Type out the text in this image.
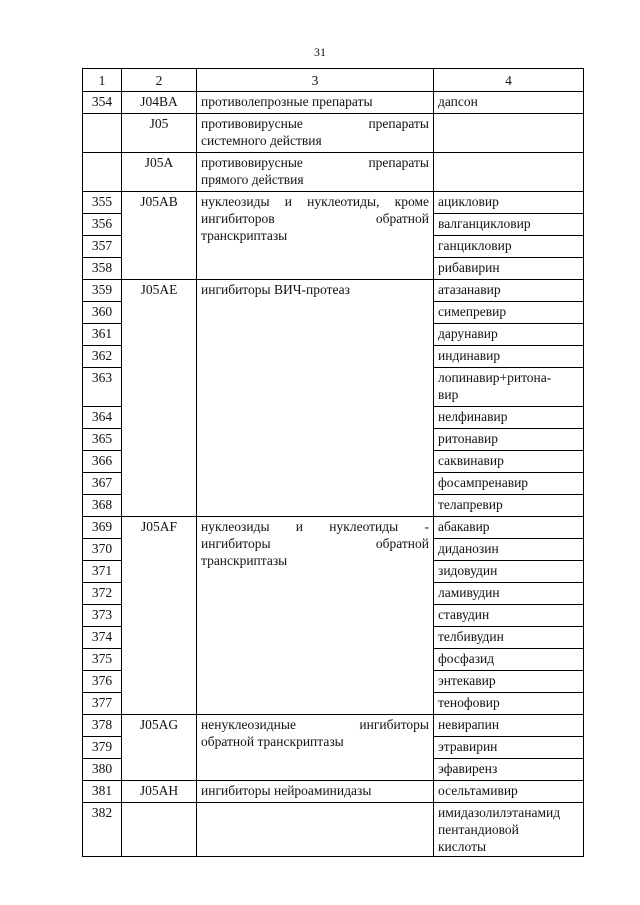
31
1	2	3	4
354	J04BA	противолепрозные препараты	дапсон

	J05	противовирусные препараты
системного действия	

	J05A	противовирусные препараты
прямого действия	

355	J05AB	нуклеозиды и нуклеотиды, кроме
ингибиторов обратной
транскриптазы	ацикловир

356			валганцикловир

357			ганцикловир

358			рибавирин

359	J05AE	ингибиторы ВИЧ-протеаз	атазанавир

360			симепревир

361			дарунавир

362			индинавир

363			лопинавир+ритона-
вир

364			нелфинавир

365			ритонавир

366			саквинавир

367			фосампренавир

368			телапревир

369	J05AF	нуклеозиды и нуклеотиды -
ингибиторы обратной
транскриптазы	абакавир

370			диданозин

371			зидовудин

372			ламивудин

373			ставудин

374			телбивудин

375			фосфазид

376			энтекавир

377			тенофовир

378	J05AG	ненуклеозидные ингибиторы
обратной транскриптазы	невирапин

379			этравирин

380			эфавиренз

381	J05AH	ингибиторы нейроаминидазы	осельтамивир

382			имидазолилэтанамид
пентандиовой
кислоты
